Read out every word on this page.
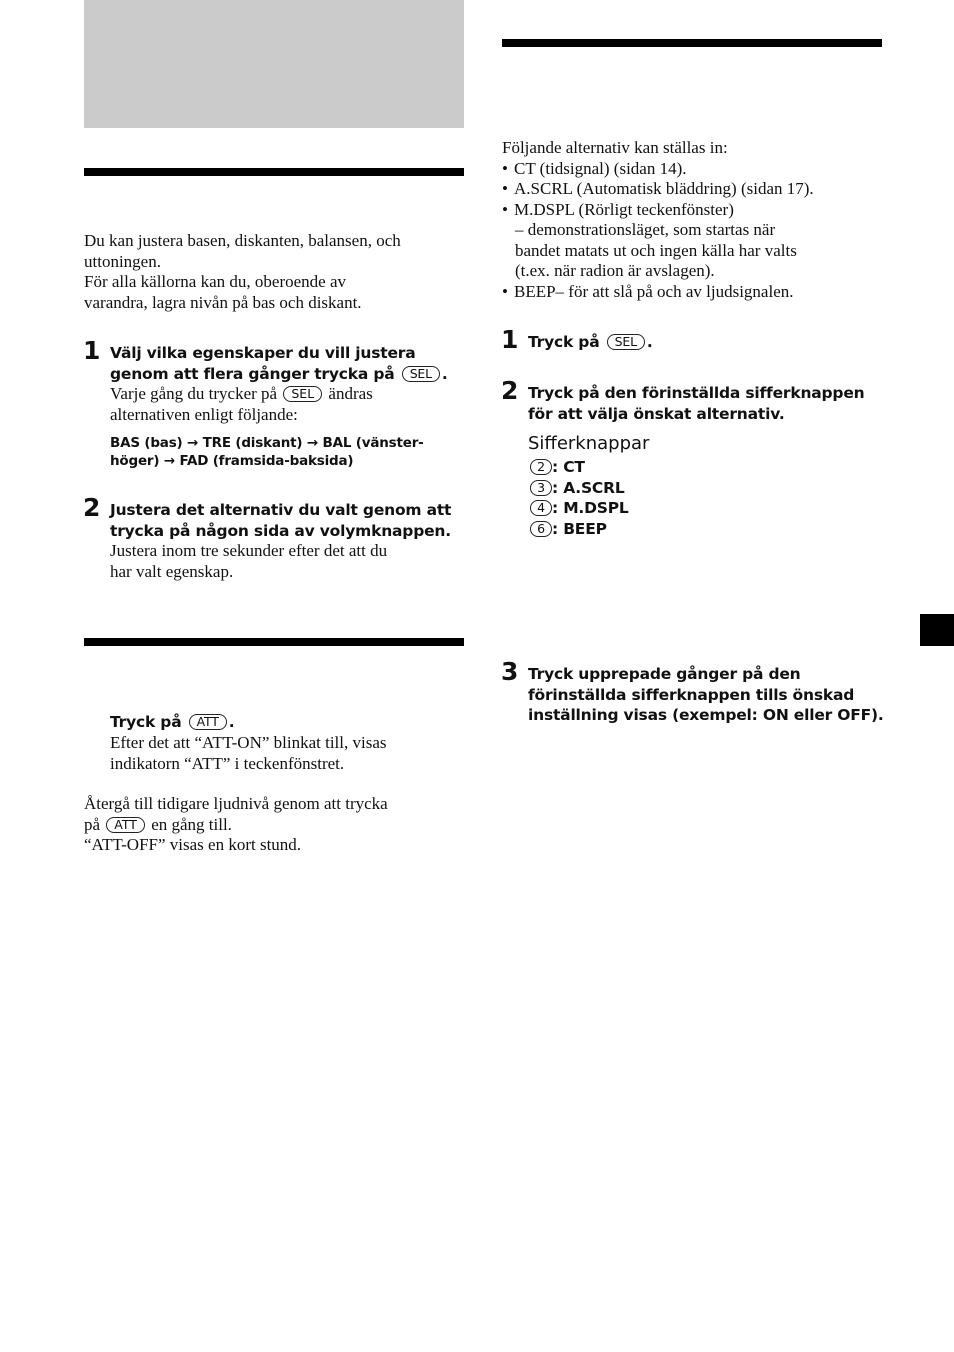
Du kan justera basen, diskanten, balansen, och
uttoningen.
För alla källorna kan du, oberoende av
varandra, lagra nivån på bas och diskant.
1 Välj vilka egenskaper du vill justera
genom att flera gånger trycka på SEL .
Varje gång du trycker på SEL ändras
alternativen enligt följande:
BAS (bas) → TRE (diskant) → BAL (vänster-
höger) → FAD (framsida-baksida)
2 Justera det alternativ du valt genom att
trycka på någon sida av volymknappen.
Justera inom tre sekunder efter det att du
har valt egenskap.
Tryck på ATT .
Efter det att “ATT-ON” blinkat till, visas
indikatorn “ATT” i teckenfönstret.
Återgå till tidigare ljudnivå genom att trycka
på ATT en gång till.
“ATT-OFF” visas en kort stund.
Följande alternativ kan ställas in:
• CT (tidsignal) (sidan 14).
• A.SCRL (Automatisk bläddring) (sidan 17).
• M.DSPL (Rörligt teckenfönster)
– demonstrationsläget, som startas när
bandet matats ut och ingen källa har valts
(t.ex. när radion är avslagen).
• BEEP– för att slå på och av ljudsignalen.
1 Tryck på SEL .
2 Tryck på den förinställda sifferknappen
för att välja önskat alternativ.
Sifferknappar
2 : CT
3 : A.SCRL
4 : M.DSPL
6 : BEEP
3 Tryck upprepade gånger på den
förinställda sifferknappen tills önskad
inställning visas (exempel: ON eller OFF).
